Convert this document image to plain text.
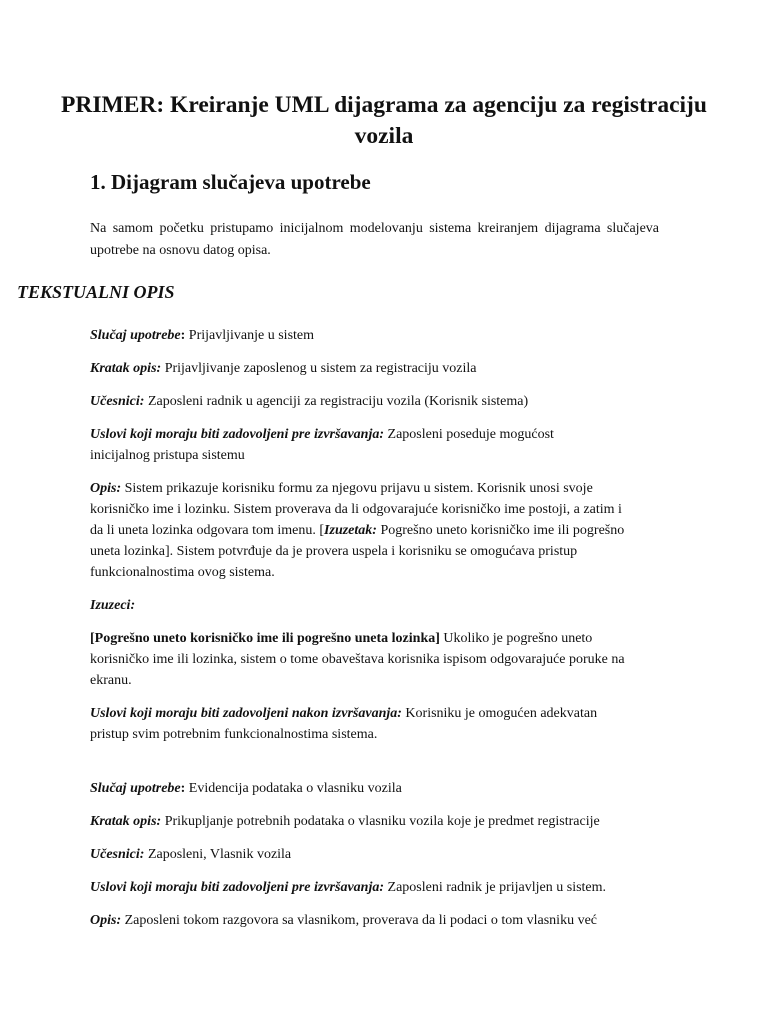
PRIMER: Kreiranje UML dijagrama za agenciju za registraciju vozila
1. Dijagram slučajeva upotrebe

Na samom početku pristupamo inicijalnom modelovanju sistema kreiranjem dijagrama slučajeva upotrebe na osnovu datog opisa.

TEKSTUALNI OPIS

Slučaj upotrebe: Prijavljivanje u sistem

Kratak opis: Prijavljivanje zaposlenog u sistem za registraciju vozila

Učesnici: Zaposleni radnik u agenciji za registraciju vozila (Korisnik sistema)

Uslovi koji moraju biti zadovoljeni pre izvršavanja: Zaposleni poseduje mogućost
inicijalnog pristupa sistemu

Opis: Sistem prikazuje korisniku formu za njegovu prijavu u sistem. Korisnik unosi svoje
korisničko ime i lozinku. Sistem proverava da li odgovarajuće korisničko ime postoji, a zatim i
da li uneta lozinka odgovara tom imenu. [Izuzetak: Pogrešno uneto korisničko ime ili pogrešno
uneta lozinka]. Sistem potvrđuje da je provera uspela i korisniku se omogućava pristup
funkcionalnostima ovog sistema.

Izuzeci:

[Pogrešno uneto korisničko ime ili pogrešno uneta lozinka] Ukoliko je pogrešno uneto
korisničko ime ili lozinka, sistem o tome obaveštava korisnika ispisom odgovarajuće poruke na
ekranu.

Uslovi koji moraju biti zadovoljeni nakon izvršavanja: Korisniku je omogućen adekvatan
pristup svim potrebnim funkcionalnostima sistema.

Slučaj upotrebe: Evidencija podataka o vlasniku vozila

Kratak opis: Prikupljanje potrebnih podataka o vlasniku vozila koje je predmet registracije

Učesnici: Zaposleni, Vlasnik vozila

Uslovi koji moraju biti zadovoljeni pre izvršavanja: Zaposleni radnik je prijavljen u sistem.

Opis: Zaposleni tokom razgovora sa vlasnikom, proverava da li podaci o tom vlasniku već
